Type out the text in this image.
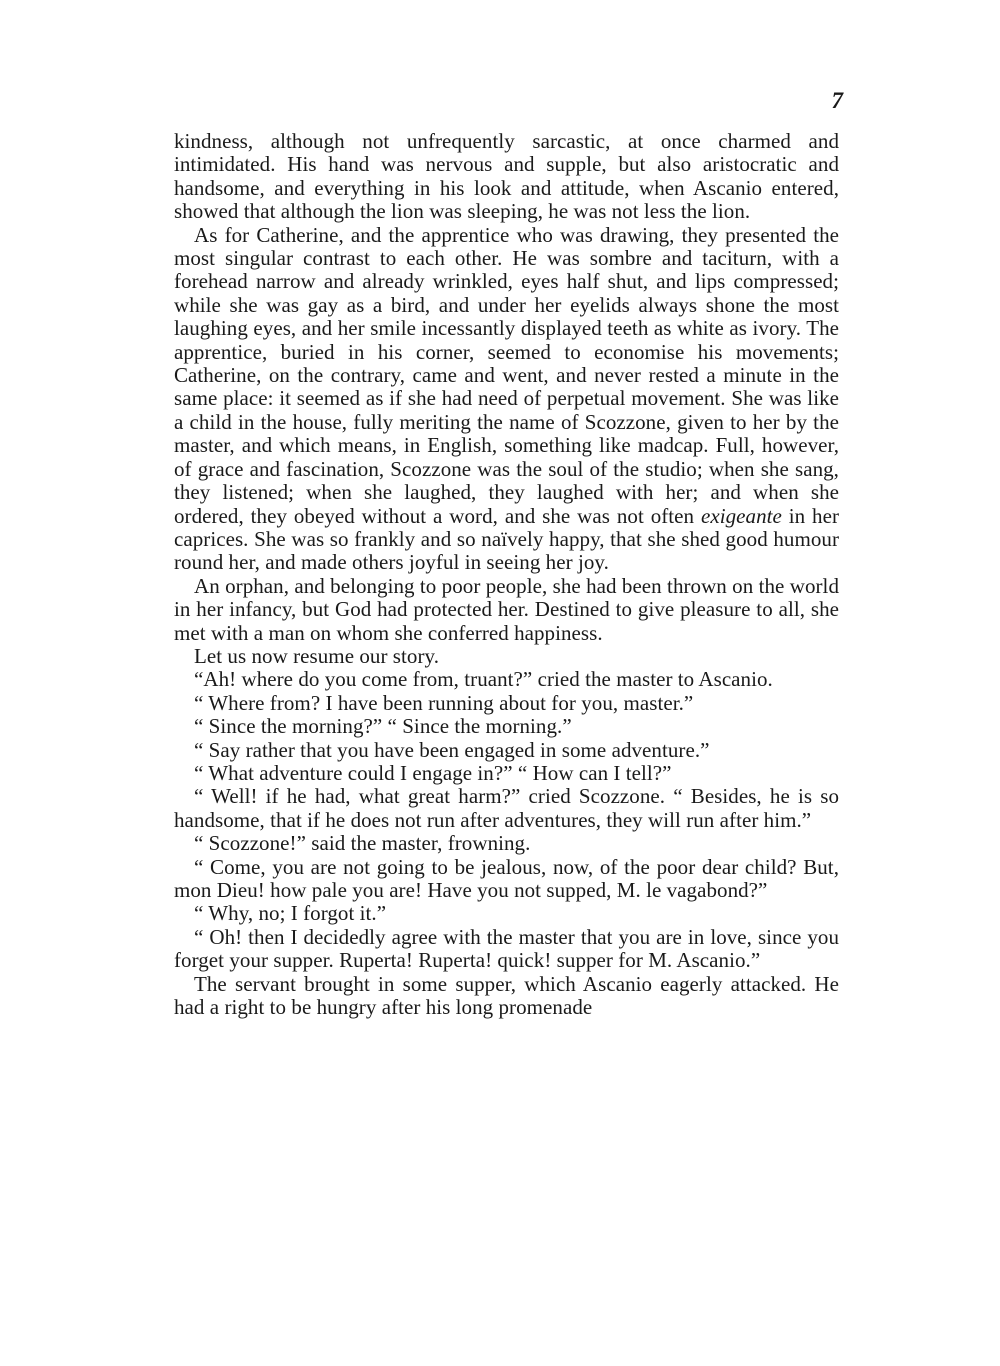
7

kindness, although not unfrequently sarcastic, at once charmed and intimidated. His hand was nervous and supple, but also aristocratic and handsome, and everything in his look and attitude, when Ascanio entered, showed that although the lion was sleeping, he was not less the lion.

As for Catherine, and the apprentice who was drawing, they presented the most singular contrast to each other. He was sombre and taciturn, with a forehead narrow and already wrinkled, eyes half shut, and lips compressed; while she was gay as a bird, and under her eyelids always shone the most laughing eyes, and her smile incessantly displayed teeth as white as ivory. The apprentice, buried in his corner, seemed to economise his movements; Catherine, on the contrary, came and went, and never rested a minute in the same place: it seemed as if she had need of perpetual movement. She was like a child in the house, fully meriting the name of Scozzone, given to her by the master, and which means, in English, something like madcap. Full, however, of grace and fascination, Scozzone was the soul of the studio; when she sang, they listened; when she laughed, they laughed with her; and when she ordered, they obeyed without a word, and she was not often exigeante in her caprices. She was so frankly and so naïvely happy, that she shed good humour round her, and made others joyful in seeing her joy.

An orphan, and belonging to poor people, she had been thrown on the world in her infancy, but God had protected her. Destined to give pleasure to all, she met with a man on whom she conferred happiness.

Let us now resume our story.

“Ah! where do you come from, truant?” cried the master to Ascanio.

“ Where from? I have been running about for you, master.”

“ Since the morning?” “ Since the morning.”

“ Say rather that you have been engaged in some adventure.”

“ What adventure could I engage in?” “ How can I tell?”

“ Well! if he had, what great harm?” cried Scozzone. “ Besides, he is so handsome, that if he does not run after adventures, they will run after him.”

“ Scozzone!” said the master, frowning.

“ Come, you are not going to be jealous, now, of the poor dear child? But, mon Dieu! how pale you are! Have you not supped, M. le vagabond?”

“ Why, no; I forgot it.”

“ Oh! then I decidedly agree with the master that you are in love, since you forget your supper. Ruperta! Ruperta! quick! supper for M. Ascanio.”

The servant brought in some supper, which Ascanio eagerly attacked. He had a right to be hungry after his long promenade
